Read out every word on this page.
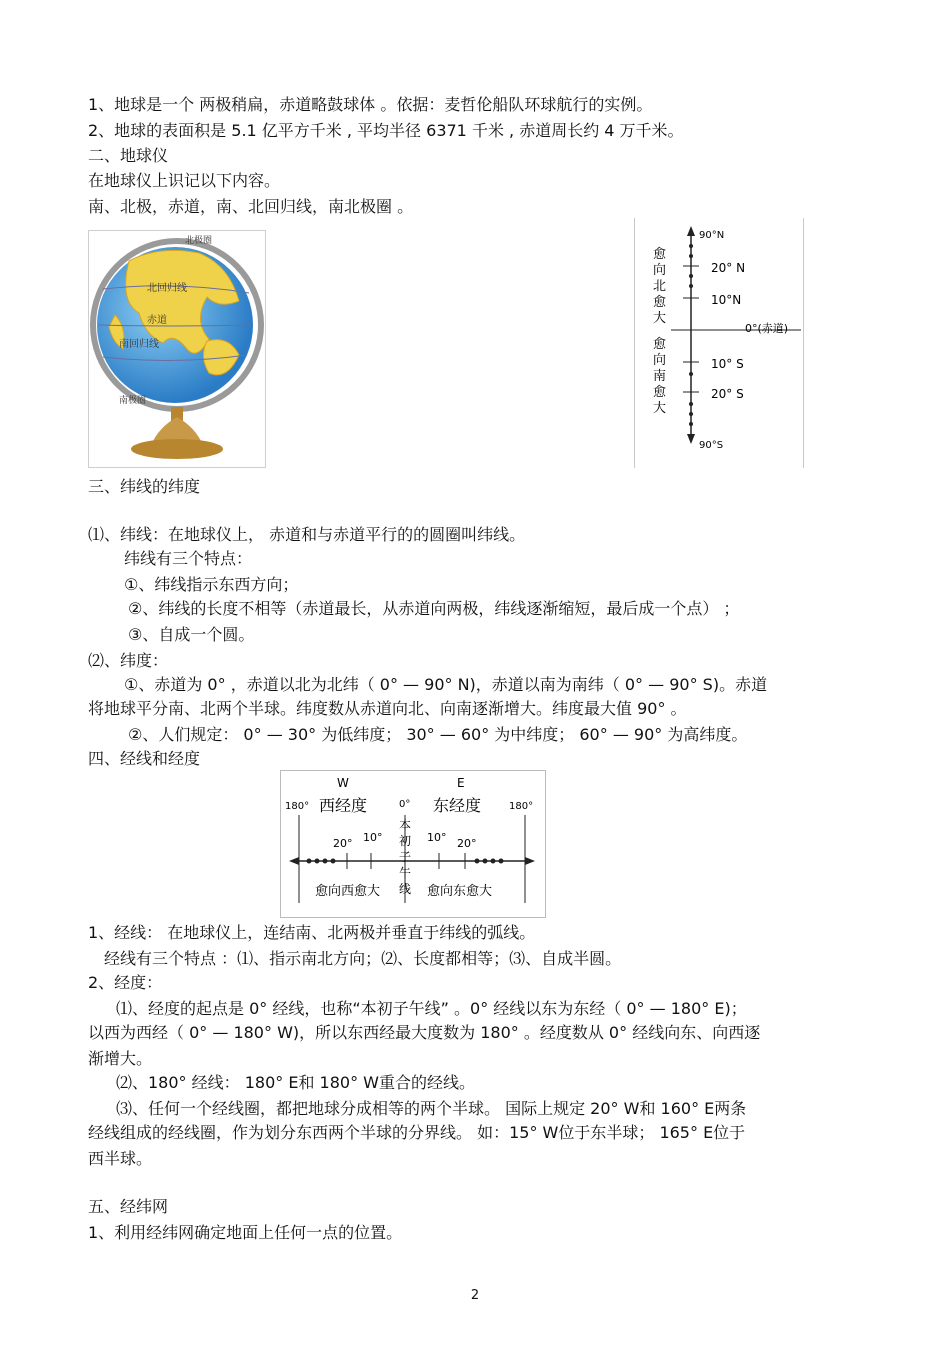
1、地球是一个 两极稍扁，赤道略鼓球体 。依据：麦哲伦船队环球航行的实例。
2、地球的表面积是 5.1 亿平方千米 , 平均半径 6371 千米 , 赤道周长约 4 万千米。
二、地球仪
在地球仪上识记以下内容。
南、北极，赤道，南、北回归线，南北极圈 。
北回归线
赤道
南回归线
北极圈
南极圈
90°N
20° N
10°N
0°(赤道)
10° S
20° S
90°S
愈
向
北
愈
大
愈
向
南
愈
大
三、纬线的纬度
⑴、纬线：在地球仪上， 赤道和与赤道平行的的圆圈叫纬线。
纬线有三个特点：
①、纬线指示东西方向；
②、纬线的长度不相等（赤道最长，从赤道向两极，纬线逐渐缩短，最后成一个点） ；
③、自成一个圆。
⑵、纬度：
①、赤道为 0° ，赤道以北为北纬（ 0° — 90° N)，赤道以南为南纬（ 0° — 90° S)。赤道
将地球平分南、北两个半球。纬度数从赤道向北、向南逐渐增大。纬度最大值 90° 。
②、人们规定： 0° — 30° 为低纬度； 30° — 60° 为中纬度； 60° — 90° 为高纬度。
四、经线和经度
W	E
180° 西经度	0° 东经度	180°
20° 10°	10° 20°
本
初
子
午
线
愈向西愈大	愈向东愈大
1、经线： 在地球仪上，连结南、北两极并垂直于纬线的弧线。
经线有三个特点 ：⑴、指示南北方向；⑵、长度都相等；⑶、自成半圆。
2、经度：
⑴、经度的起点是 0° 经线，也称“本初子午线” 。0° 经线以东为东经（ 0° — 180° E)；
以西为西经（ 0° — 180° W)，所以东西经最大度数为 180° 。经度数从 0° 经线向东、向西逐
渐增大。
⑵、180° 经线： 180° E和 180° W重合的经线。
⑶、任何一个经线圈，都把地球分成相等的两个半球。 国际上规定 20° W和 160° E两条
经线组成的经线圈，作为划分东西两个半球的分界线。 如：15° W位于东半球； 165° E位于
西半球。
五、经纬网
1、利用经纬网确定地面上任何一点的位置。
2
